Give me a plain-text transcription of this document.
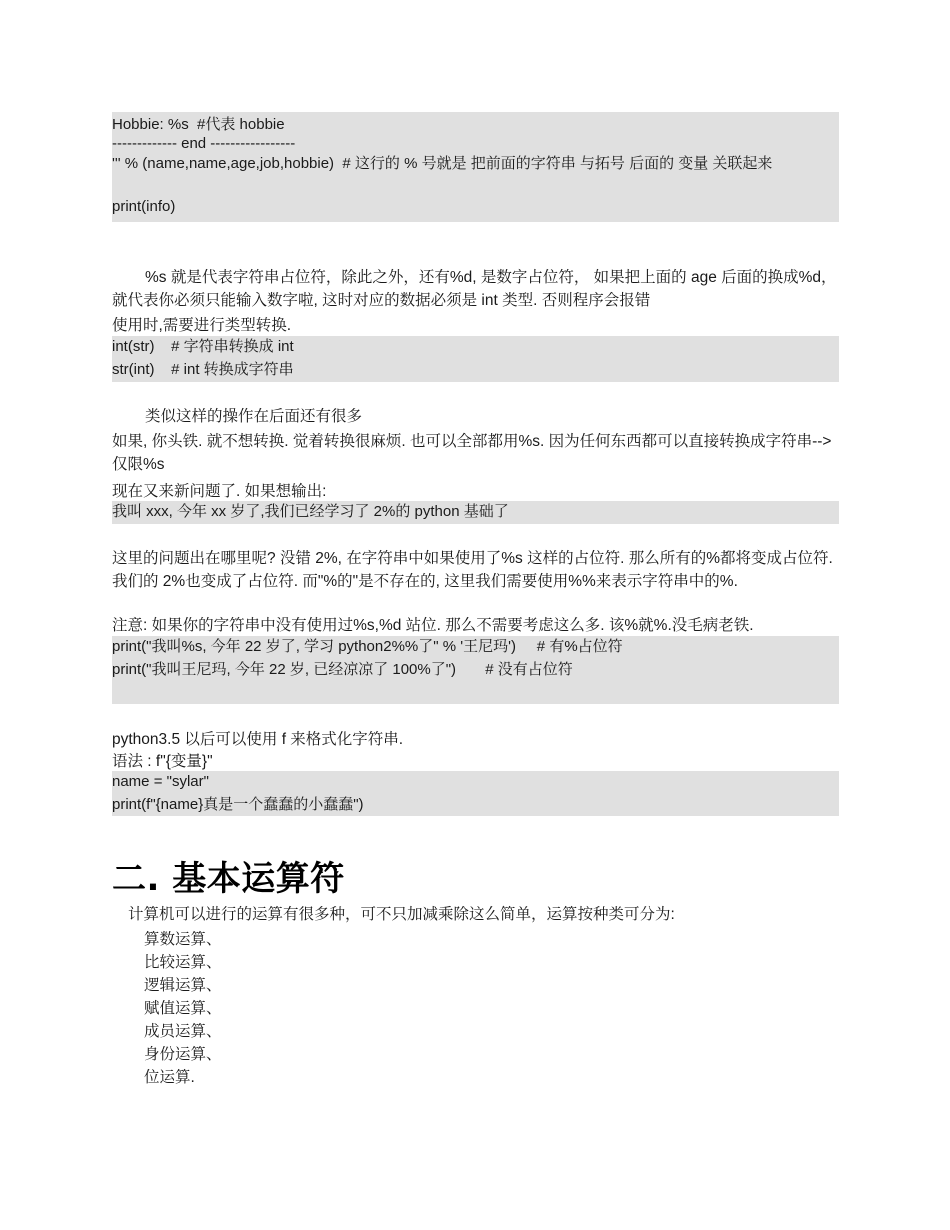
Hobbie: %s  #代表 hobbie
------------- end -----------------
''' % (name,name,age,job,hobbie)  # 这行的 % 号就是 把前面的字符串 与拓号 后面的 变量 关联起来
print(info)
%s 就是代表字符串占位符，除此之外，还有%d, 是数字占位符， 如果把上面的 age 后面的换成%d，就代表你必须只能输入数字啦, 这时对应的数据必须是 int 类型. 否则程序会报错
使用时,需要进行类型转换.
int(str)    # 字符串转换成 int
str(int)    # int 转换成字符串
类似这样的操作在后面还有很多
如果, 你头铁. 就不想转换. 觉着转换很麻烦. 也可以全部都用%s. 因为任何东西都可以直接转换成字符串--> 仅限%s
现在又来新问题了. 如果想输出:
我叫 xxx, 今年 xx 岁了,我们已经学习了 2%的 python 基础了
这里的问题出在哪里呢? 没错 2%, 在字符串中如果使用了%s 这样的占位符. 那么所有的%都将变成占位符. 我们的 2%也变成了占位符. 而"%的"是不存在的, 这里我们需要使用%%来表示字符串中的%.
注意: 如果你的字符串中没有使用过%s,%d 站位. 那么不需要考虑这么多. 该%就%.没毛病老铁.
print("我叫%s, 今年 22 岁了, 学习 python2%%了" % '王尼玛')     # 有%占位符
print("我叫王尼玛, 今年 22 岁, 已经凉凉了 100%了")       # 没有占位符
python3.5 以后可以使用 f 来格式化字符串.
语法 : f"{变量}"
name = "sylar"
print(f"{name}真是一个蠢蠢的小蠢蠢")
二. 基本运算符
计算机可以进行的运算有很多种，可不只加减乘除这么简单，运算按种类可分为:
算数运算、
比较运算、
逻辑运算、
赋值运算、
成员运算、
身份运算、
位运算.
